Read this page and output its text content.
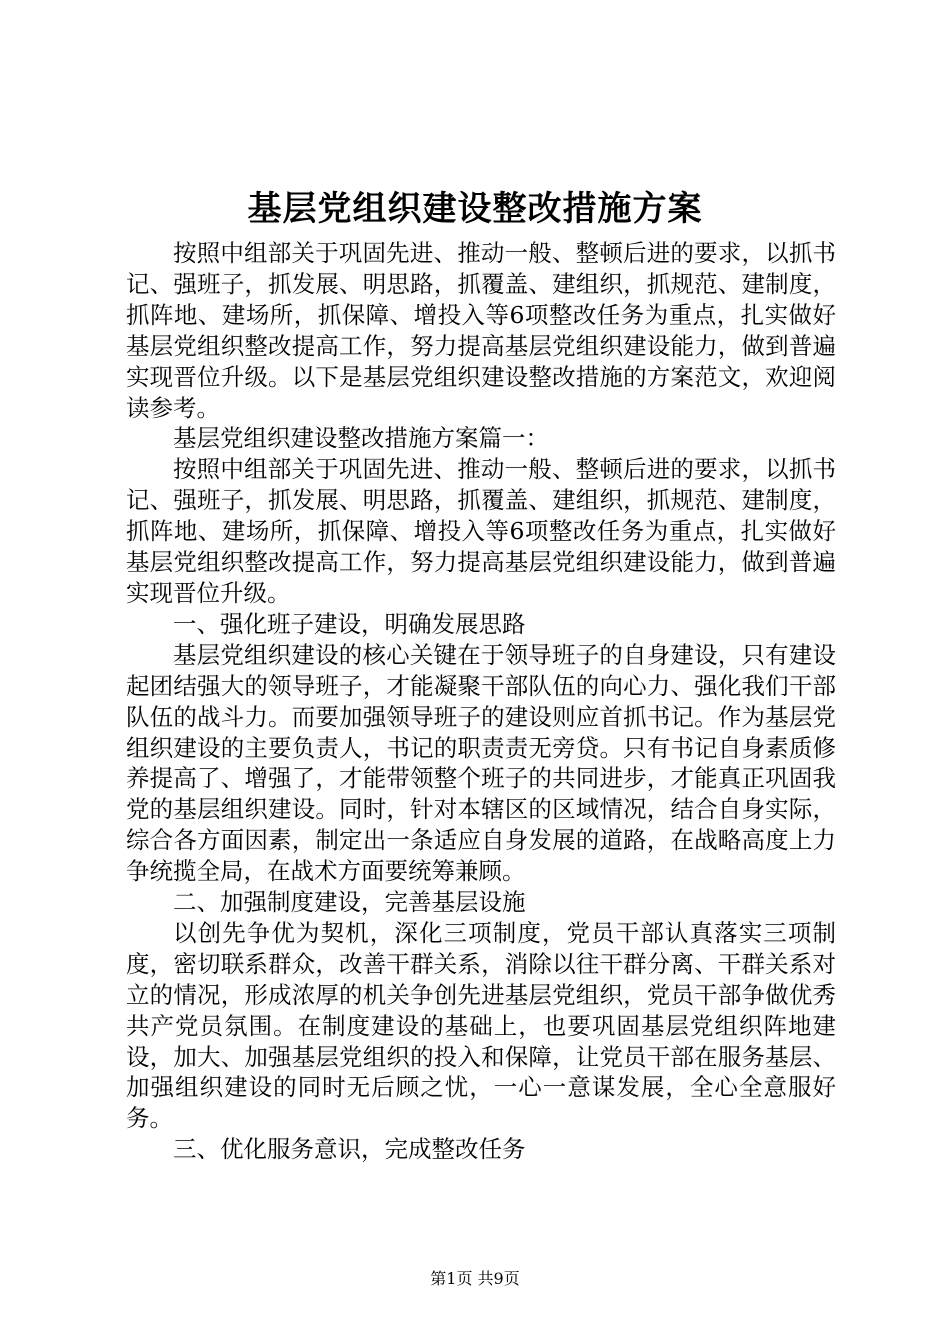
基层党组织建设整改措施方案

按照中组部关于巩固先进、推动一般、整顿后进的要求，以抓书记、强班子，抓发展、明思路，抓覆盖、建组织，抓规范、建制度，抓阵地、建场所，抓保障、增投入等6项整改任务为重点，扎实做好基层党组织整改提高工作，努力提高基层党组织建设能力，做到普遍实现晋位升级。以下是基层党组织建设整改措施的方案范文，欢迎阅读参考。

基层党组织建设整改措施方案篇一：

按照中组部关于巩固先进、推动一般、整顿后进的要求，以抓书记、强班子，抓发展、明思路，抓覆盖、建组织，抓规范、建制度，抓阵地、建场所，抓保障、增投入等6项整改任务为重点，扎实做好基层党组织整改提高工作，努力提高基层党组织建设能力，做到普遍实现晋位升级。

一、强化班子建设，明确发展思路

基层党组织建设的核心关键在于领导班子的自身建设，只有建设起团结强大的领导班子，才能凝聚干部队伍的向心力、强化我们干部队伍的战斗力。而要加强领导班子的建设则应首抓书记。作为基层党组织建设的主要负责人，书记的职责责无旁贷。只有书记自身素质修养提高了、增强了，才能带领整个班子的共同进步，才能真正巩固我党的基层组织建设。同时，针对本辖区的区域情况，结合自身实际，综合各方面因素，制定出一条适应自身发展的道路，在战略高度上力争统揽全局，在战术方面要统筹兼顾。

二、加强制度建设，完善基层设施

以创先争优为契机，深化三项制度，党员干部认真落实三项制度，密切联系群众，改善干群关系，消除以往干群分离、干群关系对立的情况，形成浓厚的机关争创先进基层党组织，党员干部争做优秀共产党员氛围。在制度建设的基础上，也要巩固基层党组织阵地建设，加大、加强基层党组织的投入和保障，让党员干部在服务基层、加强组织建设的同时无后顾之忧，一心一意谋发展，全心全意服好务。

三、优化服务意识，完成整改任务

第1页 共9页
